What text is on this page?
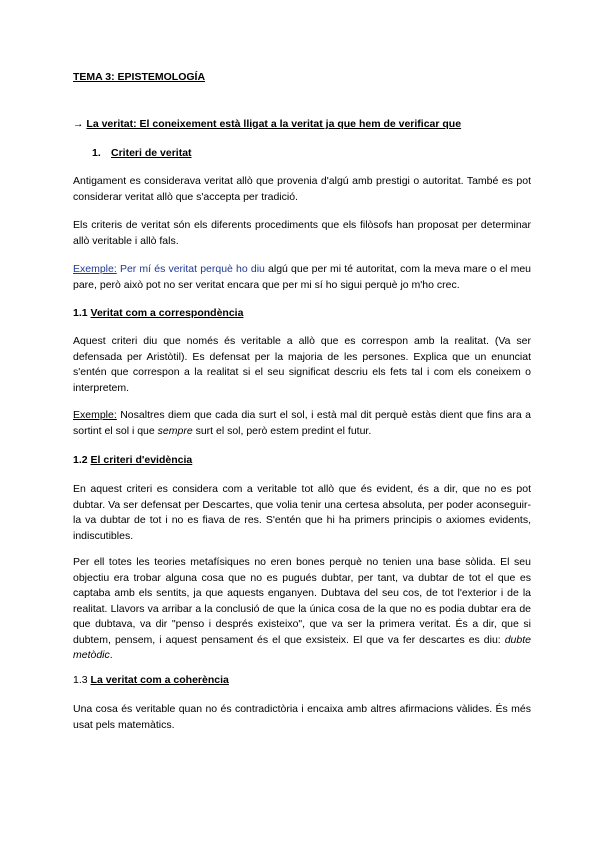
TEMA 3: EPISTEMOLOGÍA

→ La veritat: El coneixement està lligat a la veritat ja que hem de verificar que

1. Criteri de veritat

Antigament es considerava veritat allò que provenia d'algú amb prestigi o autoritat. També es pot considerar veritat allò que s'accepta per tradició.

Els criteris de veritat són els diferents procediments que els filòsofs han proposat per determinar allò veritable i allò fals.

Exemple: Per mí és veritat perquè ho diu algú que per mi té autoritat, com la meva mare o el meu pare, però això pot no ser veritat encara que per mi sí ho sigui perquè jo m'ho crec.

1.1 Veritat com a correspondència

Aquest criteri diu que només és veritable a allò que es correspon amb la realitat. (Va ser defensada per Aristòtil). Es defensat per la majoria de les persones. Explica que un enunciat s'entén que correspon a la realitat si el seu significat descriu els fets tal i com els coneixem o interpretem.

Exemple: Nosaltres diem que cada dia surt el sol, i està mal dit perquè estàs dient que fins ara a sortint el sol i que sempre surt el sol, però estem predint el futur.

1.2 El criteri d'evidència

En aquest criteri es considera com a veritable tot allò que és evident, és a dir, que no es pot dubtar. Va ser defensat per Descartes, que volia tenir una certesa absoluta, per poder aconseguir-la va dubtar de tot i no es fiava de res. S'entén que hi ha primers principis o axiomes evidents, indiscutibles.

Per ell totes les teories metafísiques no eren bones perquè no tenien una base sòlida. El seu objectiu era trobar alguna cosa que no es pugués dubtar, per tant, va dubtar de tot el que es captaba amb els sentits, ja que aquests enganyen. Dubtava del seu cos, de tot l'exterior i de la realitat. Llavors va arribar a la conclusió de que la única cosa de la que no es podia dubtar era de que dubtava, va dir "penso i després existeixo", que va ser la primera veritat. És a dir, que si dubtem, pensem, i aquest pensament és el que exsisteix. El que va fer descartes es diu: dubte metòdic.

1.3 La veritat com a coherència

Una cosa és veritable quan no és contradictòria i encaixa amb altres afirmacions vàlides. És més usat pels matemàtics.
